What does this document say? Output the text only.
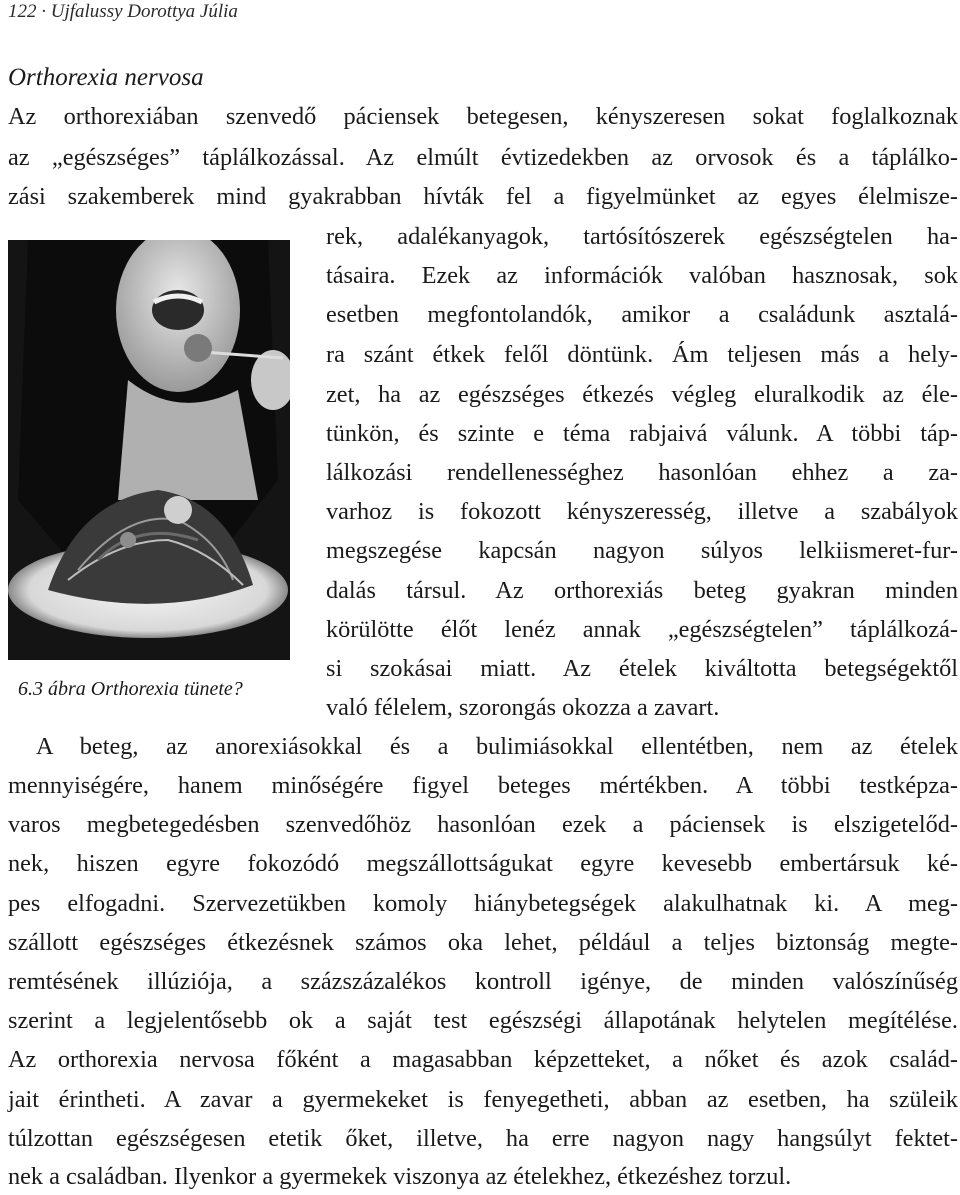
122 · Ujfalussy Dorottya Júlia
Orthorexia nervosa
Az orthorexiában szenvedő páciensek betegesen, kényszeresen sokat foglalkoznak
az „egészséges” táplálkozással. Az elmúlt évtizedekben az orvosok és a táplálko-
zási szakemberek mind gyakrabban hívták fel a figyelmünket az egyes élelmisze-
rek, adalékanyagok, tartósítószerek egészségtelen ha-
tásaira. Ezek az információk valóban hasznosak, sok
esetben megfontolandók, amikor a családunk asztalá-
ra szánt étkek felől döntünk. Ám teljesen más a hely-
zet, ha az egészséges étkezés végleg eluralkodik az éle-
tünkön, és szinte e téma rabjaivá válunk. A többi táp-
lálkozási rendellenességhez hasonlóan ehhez a za-
varhoz is fokozott kényszeresség, illetve a szabályok
megszegése kapcsán nagyon súlyos lelkiismeret-fur-
dalás társul. Az orthorexiás beteg gyakran minden
körülötte élőt lenéz annak „egészségtelen” táplálkozá-
si szokásai miatt. Az ételek kiváltotta betegségektől
való félelem, szorongás okozza a zavart.
6.3 ábra Orthorexia tünete?
A beteg, az anorexiásokkal és a bulimiásokkal ellentétben, nem az ételek
mennyiségére, hanem minőségére figyel beteges mértékben. A többi testképza-
varos megbetegedésben szenvedőhöz hasonlóan ezek a páciensek is elszigetelőd-
nek, hiszen egyre fokozódó megszállottságukat egyre kevesebb embertársuk ké-
pes elfogadni. Szervezetükben komoly hiánybetegségek alakulhatnak ki. A meg-
szállott egészséges étkezésnek számos oka lehet, például a teljes biztonság megte-
remtésének illúziója, a százszázalékos kontroll igénye, de minden valószínűség
szerint a legjelentősebb ok a saját test egészségi állapotának helytelen megítélése.
Az orthorexia nervosa főként a magasabban képzetteket, a nőket és azok család-
jait érintheti. A zavar a gyermekeket is fenyegetheti, abban az esetben, ha szüleik
túlzottan egészségesen etetik őket, illetve, ha erre nagyon nagy hangsúlyt fektet-
nek a családban. Ilyenkor a gyermekek viszonya az ételekhez, étkezéshez torzul.
